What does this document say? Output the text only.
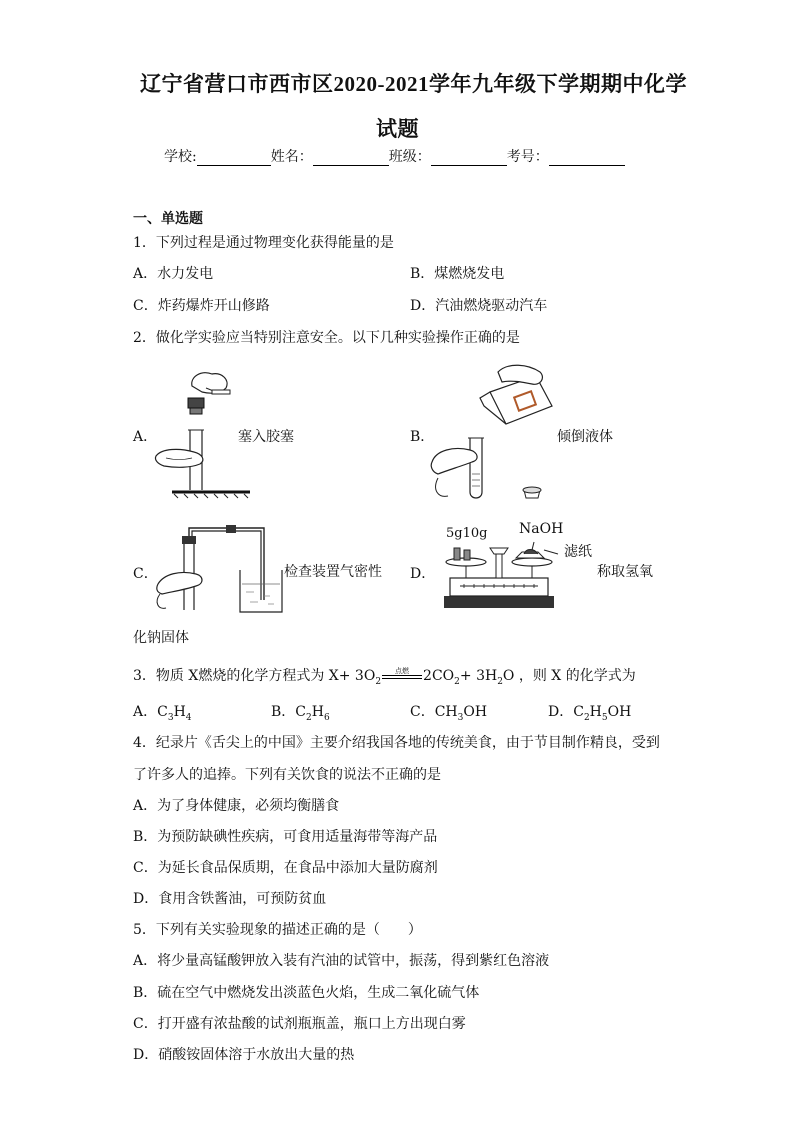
辽宁省营口市西市区2020-2021学年九年级下学期期中化学
试题
学校:	姓名：	班级：	考号：
一、单选题
1．下列过程是通过物理变化获得能量的是
A．水力发电	B．煤燃烧发电
C．炸药爆炸开山修路	D．汽油燃烧驱动汽车
2．做化学实验应当特别注意安全。以下几种实验操作正确的是
A．	塞入胶塞	B．	倾倒液体
C．	检查装置气密性 D．
5g10g NaOH
滤纸
称取氢氧
化钠固体
3．物质 X燃烧的化学方程式为 $X+ 3O_2$
点燃	$2CO_2+ 3H_2O$ ，则 X 的化学式为
A．$C_3H_4$	B．$C_2H_6$	C．$CH_3OH$	D．$C_2H_5OH$
4．纪录片《舌尖上的中国》主要介绍我国各地的传统美食，由于节目制作精良，受到
了许多人的追捧。下列有关饮食的说法不正确的是
A．为了身体健康，必须均衡膳食
B．为预防缺碘性疾病，可食用适量海带等海产品
C．为延长食品保质期，在食品中添加大量防腐剂
D．食用含铁酱油，可预防贫血
5．下列有关实验现象的描述正确的是（　　）
A．将少量高锰酸钾放入装有汽油的试管中，振荡，得到紫红色溶液
B．硫在空气中燃烧发出淡蓝色火焰，生成二氧化硫气体
C．打开盛有浓盐酸的试剂瓶瓶盖，瓶口上方出现白雾
D．硝酸铵固体溶于水放出大量的热
